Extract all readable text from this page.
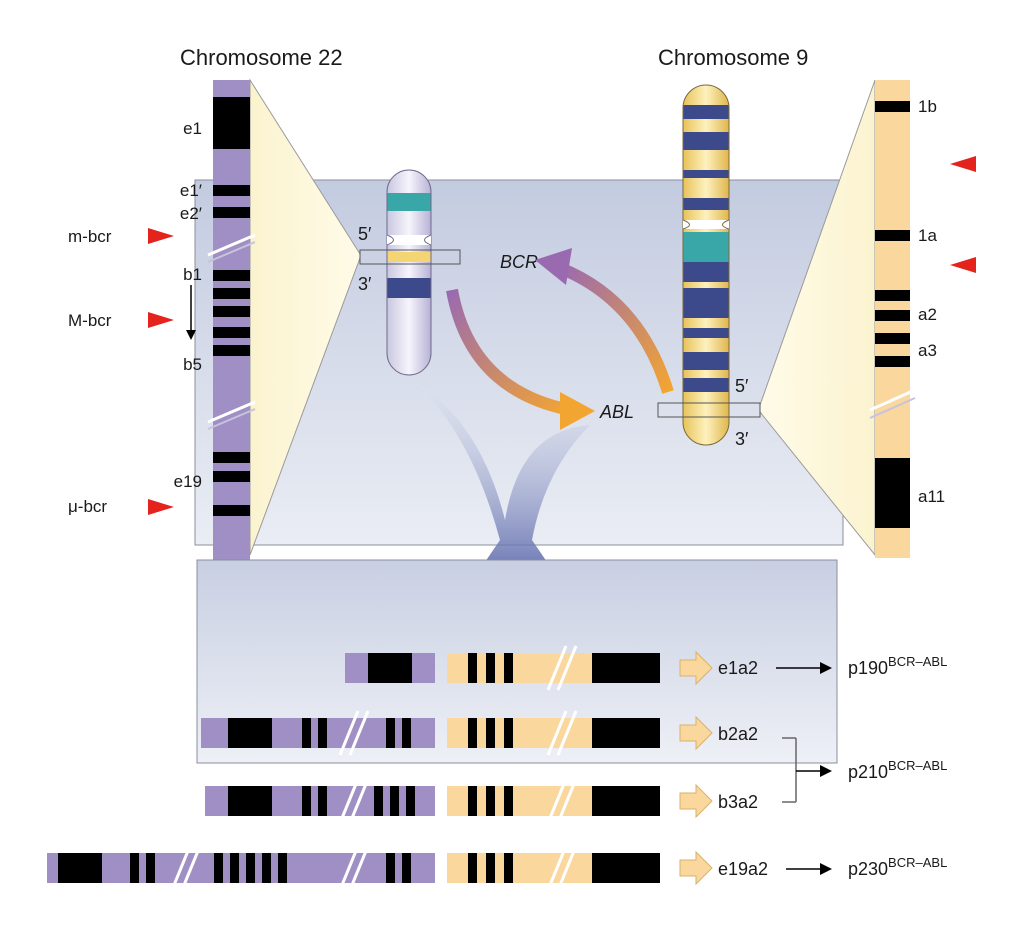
Chromosome 22	Chromosome 9
e1
e1′
e2′
b1
b5
e19
m-bcr
M-bcr
μ-bcr
1b
1a
a2
a3
a11
5′
3′
BCR
5′
3′
ABL
e1a2	$p190^{BCR-ABL}$
b2a2
b3a2
$p210^{BCR-ABL}$
e19a2	$p230^{BCR-ABL}$
